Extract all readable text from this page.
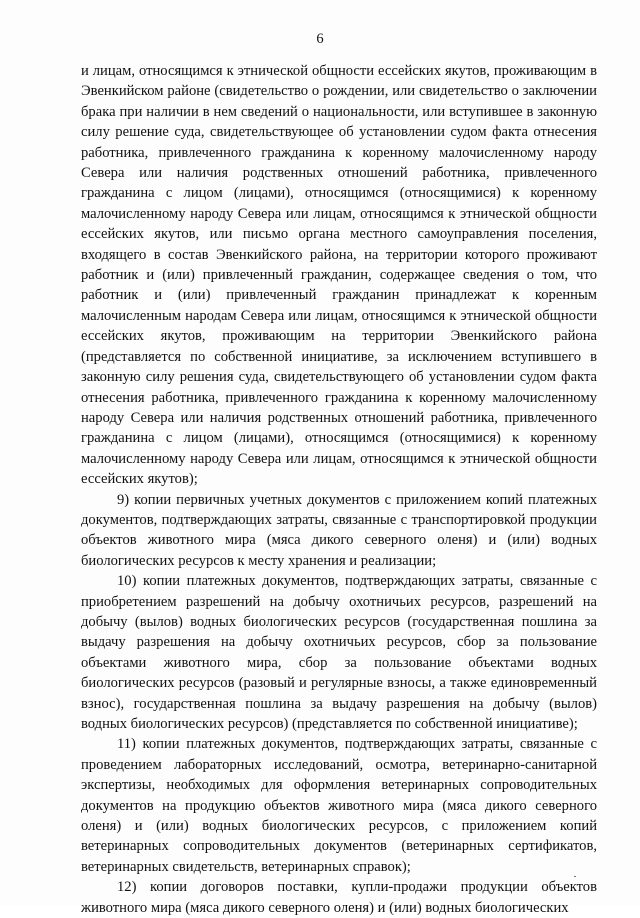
6

и лицам, относящимся к этнической общности ессейских якутов, проживающим в Эвенкийском районе (свидетельство о рождении, или свидетельство о заключении брака при наличии в нем сведений о национальности, или вступившее в законную силу решение суда, свидетельствующее об установлении судом факта отнесения работника, привлеченного гражданина к коренному малочисленному народу Севера или наличия родственных отношений работника, привлеченного гражданина с лицом (лицами), относящимся (относящимися) к коренному малочисленному народу Севера или лицам, относящимся к этнической общности ессейских якутов, или письмо органа местного самоуправления поселения, входящего в состав Эвенкийского района, на территории которого проживают работник и (или) привлеченный гражданин, содержащее сведения о том, что работник и (или) привлеченный гражданин принадлежат к коренным малочисленным народам Севера или лицам, относящимся к этнической общности ессейских якутов, проживающим на территории Эвенкийского района (представляется по собственной инициативе, за исключением вступившего в законную силу решения суда, свидетельствующего об установлении судом факта отнесения работника, привлеченного гражданина к коренному малочисленному народу Севера или наличия родственных отношений работника, привлеченного гражданина с лицом (лицами), относящимся (относящимися) к коренному малочисленному народу Севера или лицам, относящимся к этнической общности ессейских якутов);

9) копии первичных учетных документов с приложением копий платежных документов, подтверждающих затраты, связанные с транспортировкой продукции объектов животного мира (мяса дикого северного оленя) и (или) водных биологических ресурсов к месту хранения и реализации;

10) копии платежных документов, подтверждающих затраты, связанные с приобретением разрешений на добычу охотничьих ресурсов, разрешений на добычу (вылов) водных биологических ресурсов (государственная пошлина за выдачу разрешения на добычу охотничьих ресурсов, сбор за пользование объектами животного мира, сбор за пользование объектами водных биологических ресурсов (разовый и регулярные взносы, а также единовременный взнос), государственная пошлина за выдачу разрешения на добычу (вылов) водных биологических ресурсов) (представляется по собственной инициативе);

11) копии платежных документов, подтверждающих затраты, связанные с проведением лабораторных исследований, осмотра, ветеринарно-санитарной экспертизы, необходимых для оформления ветеринарных сопроводительных документов на продукцию объектов животного мира (мяса дикого северного оленя) и (или) водных биологических ресурсов, с приложением копий ветеринарных сопроводительных документов (ветеринарных сертификатов, ветеринарных свидетельств, ветеринарных справок);

12) копии договоров поставки, купли-продажи продукции объектов животного мира (мяса дикого северного оленя) и (или) водных биологических
